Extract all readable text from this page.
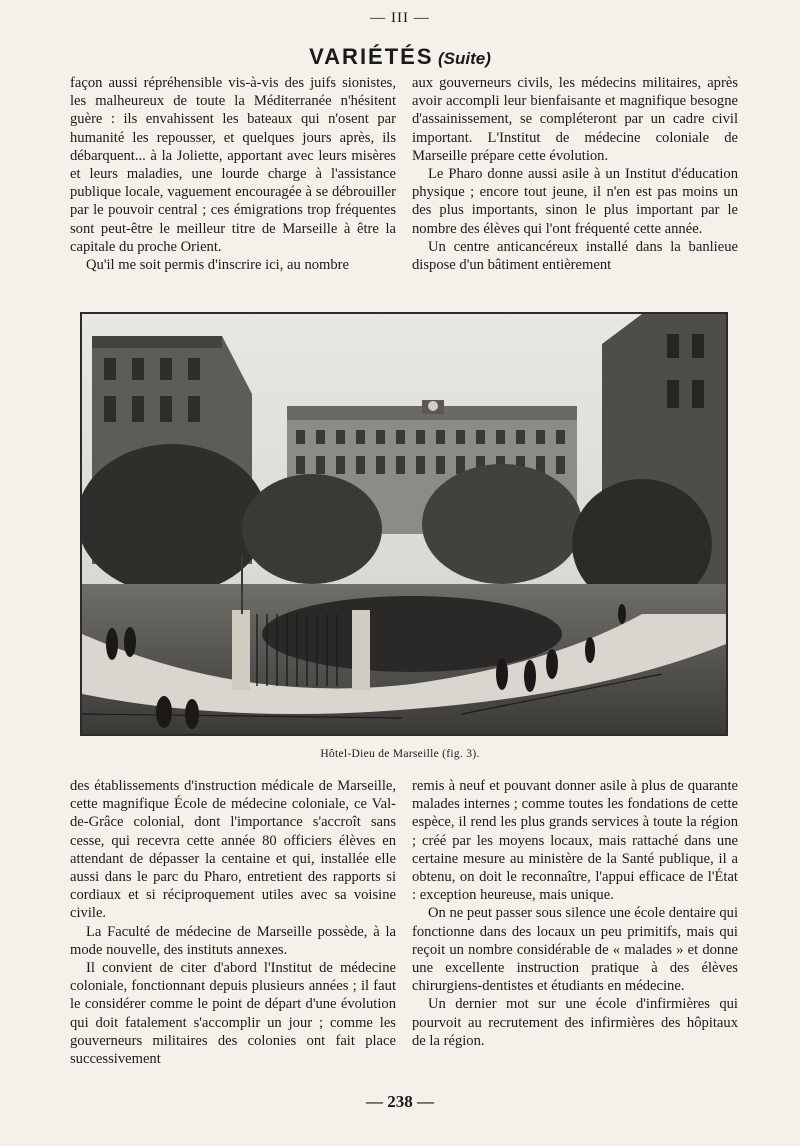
— III —
VARIÉTÉS (Suite)

façon aussi répréhensible vis-à-vis des juifs sionistes, les malheureux de toute la Méditerranée n'hésitent guère : ils envahissent les bateaux qui n'osent par humanité les repousser, et quelques jours après, ils débarquent... à la Joliette, apportant avec leurs misères et leurs maladies, une lourde charge à l'assistance publique locale, vaguement encouragée à se débrouiller par le pouvoir central ; ces émigrations trop fréquentes sont peut-être le meilleur titre de Marseille à être la capitale du proche Orient.

Qu'il me soit permis d'inscrire ici, au nombre

aux gouverneurs civils, les médecins militaires, après avoir accompli leur bienfaisante et magnifique besogne d'assainissement, se compléteront par un cadre civil important. L'Institut de médecine coloniale de Marseille prépare cette évolution.

Le Pharo donne aussi asile à un Institut d'éducation physique ; encore tout jeune, il n'en est pas moins un des plus importants, sinon le plus important par le nombre des élèves qui l'ont fréquenté cette année.

Un centre anticancéreux installé dans la banlieue dispose d'un bâtiment entièrement

Hôtel-Dieu de Marseille (fig. 3).

des établissements d'instruction médicale de Marseille, cette magnifique École de médecine coloniale, ce Val-de-Grâce colonial, dont l'importance s'accroît sans cesse, qui recevra cette année 80 officiers élèves en attendant de dépasser la centaine et qui, installée elle aussi dans le parc du Pharo, entretient des rapports si cordiaux et si réciproquement utiles avec sa voisine civile.

La Faculté de médecine de Marseille possède, à la mode nouvelle, des instituts annexes.

Il convient de citer d'abord l'Institut de médecine coloniale, fonctionnant depuis plusieurs années ; il faut le considérer comme le point de départ d'une évolution qui doit fatalement s'accomplir un jour ; comme les gouverneurs militaires des colonies ont fait place successivement

remis à neuf et pouvant donner asile à plus de quarante malades internes ; comme toutes les fondations de cette espèce, il rend les plus grands services à toute la région ; créé par les moyens locaux, mais rattaché dans une certaine mesure au ministère de la Santé publique, il a obtenu, on doit le reconnaître, l'appui efficace de l'État : exception heureuse, mais unique.

On ne peut passer sous silence une école dentaire qui fonctionne dans des locaux un peu primitifs, mais qui reçoit un nombre considérable de « malades » et donne une excellente instruction pratique à des élèves chirurgiens-dentistes et étudiants en médecine.

Un dernier mot sur une école d'infirmières qui pourvoit au recrutement des infirmières des hôpitaux de la région.

— 238 —
